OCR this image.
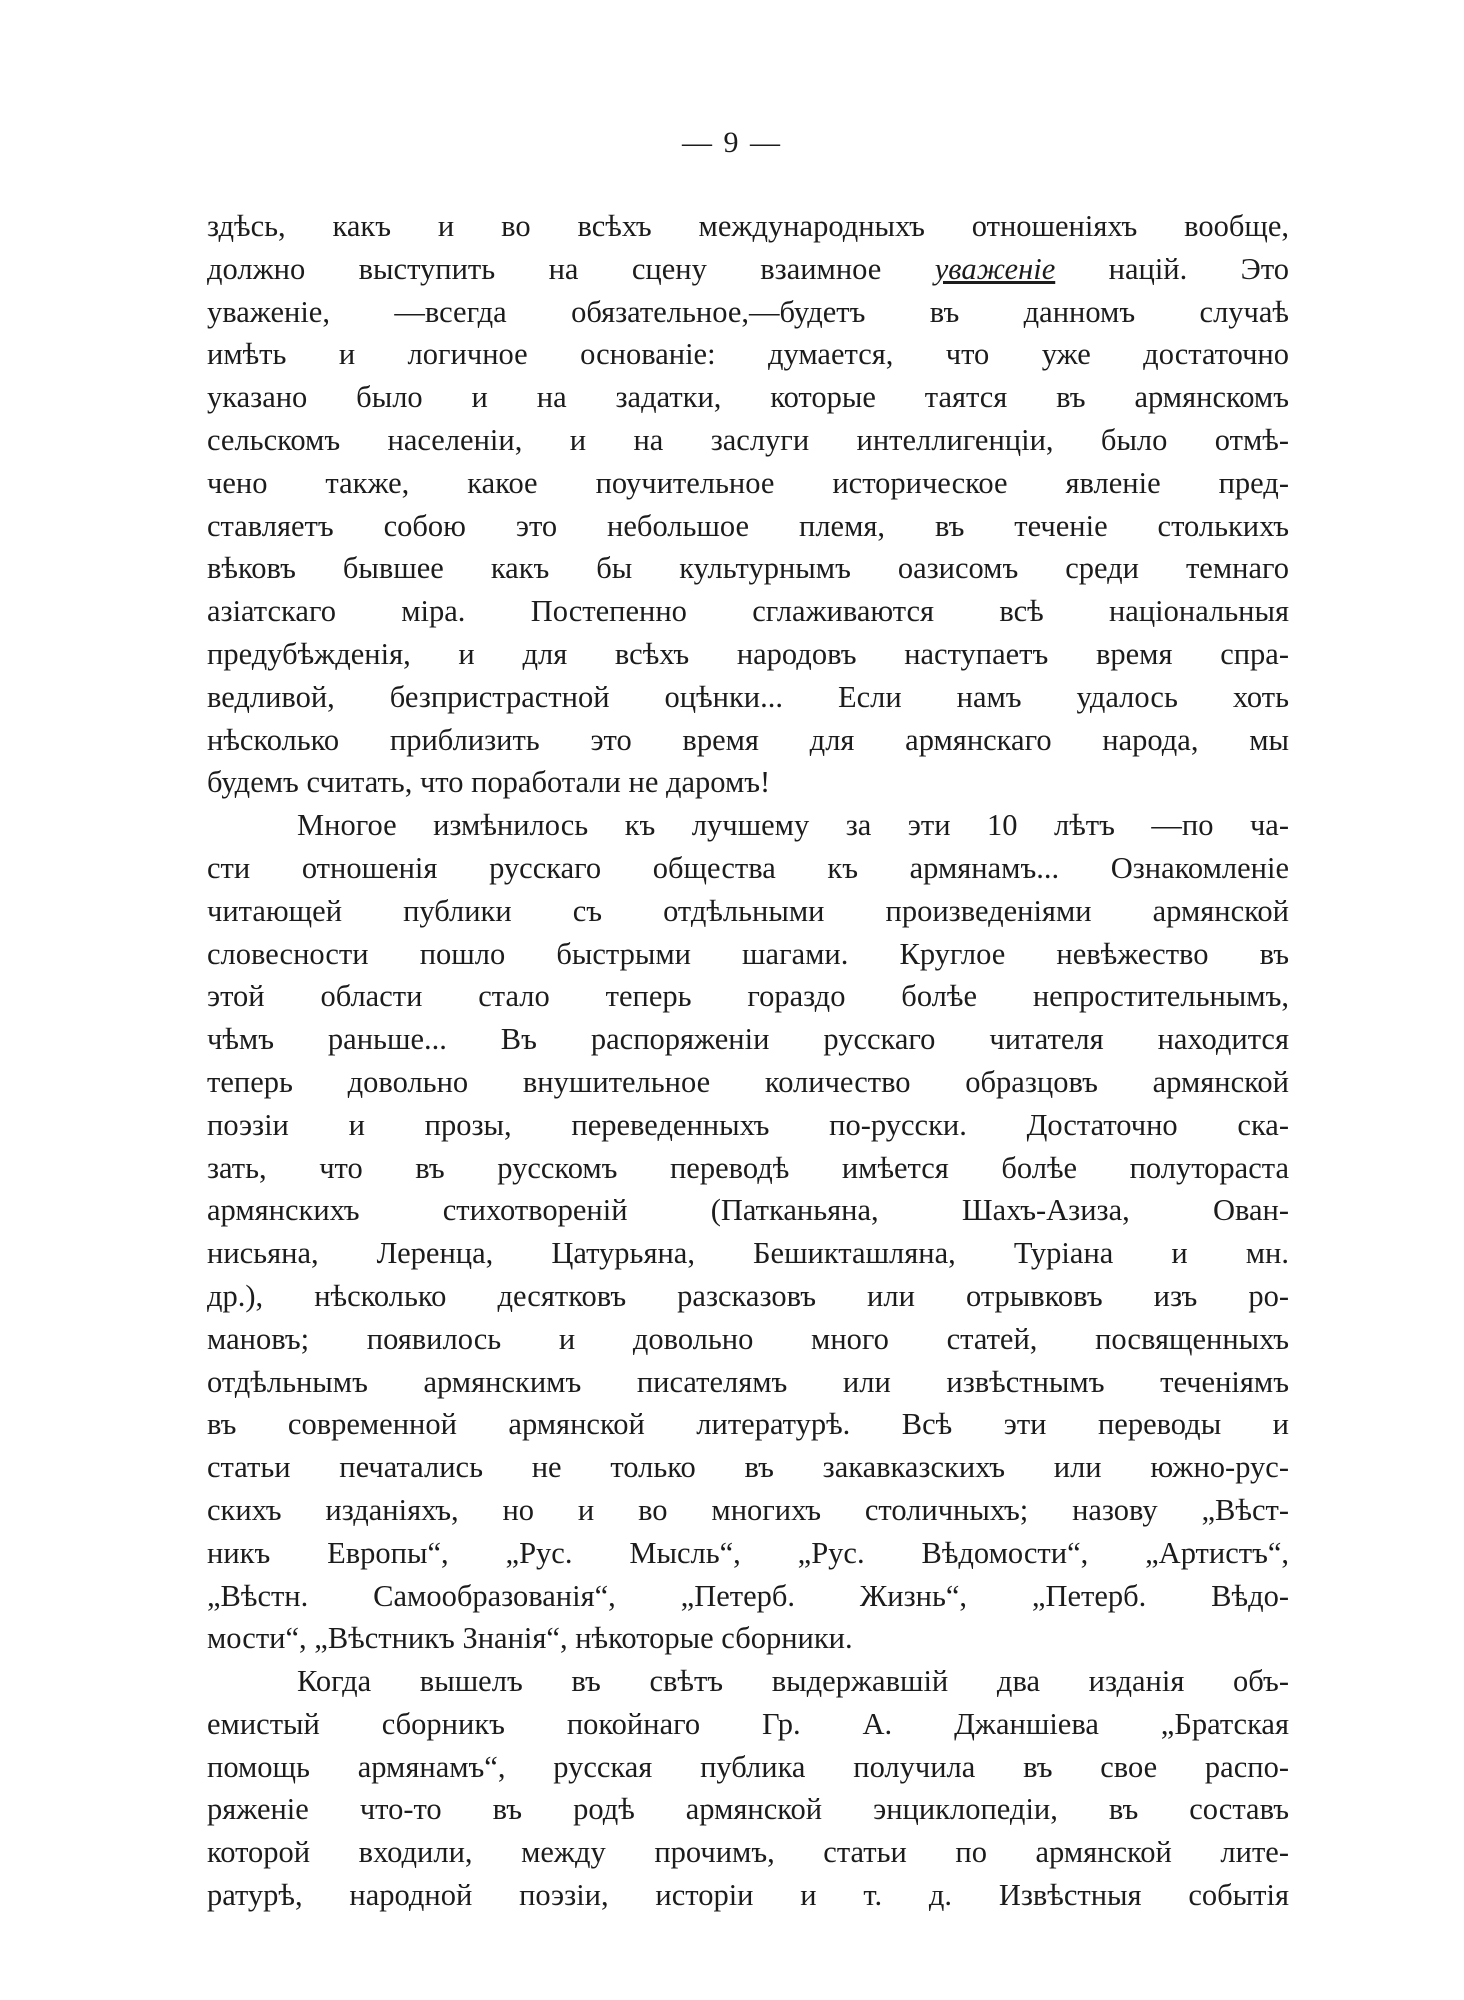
— 9 —
здѣсь, какъ и во всѣхъ международныхъ отношеніяхъ вообще,
должно выступить на сцену взаимное уваженіе націй. Это
уваженіе, —всегда обязательное,—будетъ въ данномъ случаѣ
имѣть и логичное основаніе: думается, что уже достаточно
указано было и на задатки, которые таятся въ армянскомъ
сельскомъ населеніи, и на заслуги интеллигенціи, было отмѣ-
чено также, какое поучительное историческое явленіе пред-
ставляетъ собою это небольшое племя, въ теченіе столькихъ
вѣковъ бывшее какъ бы культурнымъ оазисомъ среди темнаго
азіатскаго міра. Постепенно сглаживаются всѣ національныя
предубѣжденія, и для всѣхъ народовъ наступаетъ время спра-
ведливой, безпристрастной оцѣнки... Если намъ удалось хоть
нѣсколько приблизить это время для армянскаго народа, мы
будемъ считать, что поработали не даромъ!
Многое измѣнилось къ лучшему за эти 10 лѣтъ —по ча-
сти отношенія русскаго общества къ армянамъ... Ознакомленіе
читающей публики съ отдѣльными произведеніями армянской
словесности пошло быстрыми шагами. Круглое невѣжество въ
этой области стало теперь гораздо болѣе непростительнымъ,
чѣмъ раньше... Въ распоряженіи русскаго читателя находится
теперь довольно внушительное количество образцовъ армянской
поэзіи и прозы, переведенныхъ по-русски. Достаточно ска-
зать, что въ русскомъ переводѣ имѣется болѣе полутораста
армянскихъ стихотвореній (Патканьяна, Шахъ-Азиза, Ован-
нисьяна, Леренца, Цатурьяна, Бешикташляна, Туріана и мн.
др.), нѣсколько десятковъ разсказовъ или отрывковъ изъ ро-
мановъ; появилось и довольно много статей, посвященныхъ
отдѣльнымъ армянскимъ писателямъ или извѣстнымъ теченіямъ
въ современной армянской литературѣ. Всѣ эти переводы и
статьи печатались не только въ закавказскихъ или южно-рус-
скихъ изданіяхъ, но и во многихъ столичныхъ; назову „Вѣст-
никъ Европы“, „Рус. Мысль“, „Рус. Вѣдомости“, „Артистъ“,
„Вѣстн. Самообразованія“, „Петерб. Жизнь“, „Петерб. Вѣдо-
мости“, „Вѣстникъ Знанія“, нѣкоторые сборники.
Когда вышелъ въ свѣтъ выдержавшій два изданія объ-
емистый сборникъ покойнаго Гр. А. Джаншіева „Братская
помощь армянамъ“, русская публика получила въ свое распо-
ряженіе что-то въ родѣ армянской энциклопедіи, въ составъ
которой входили, между прочимъ, статьи по армянской лите-
ратурѣ, народной поэзіи, исторіи и т. д. Извѣстныя событія
